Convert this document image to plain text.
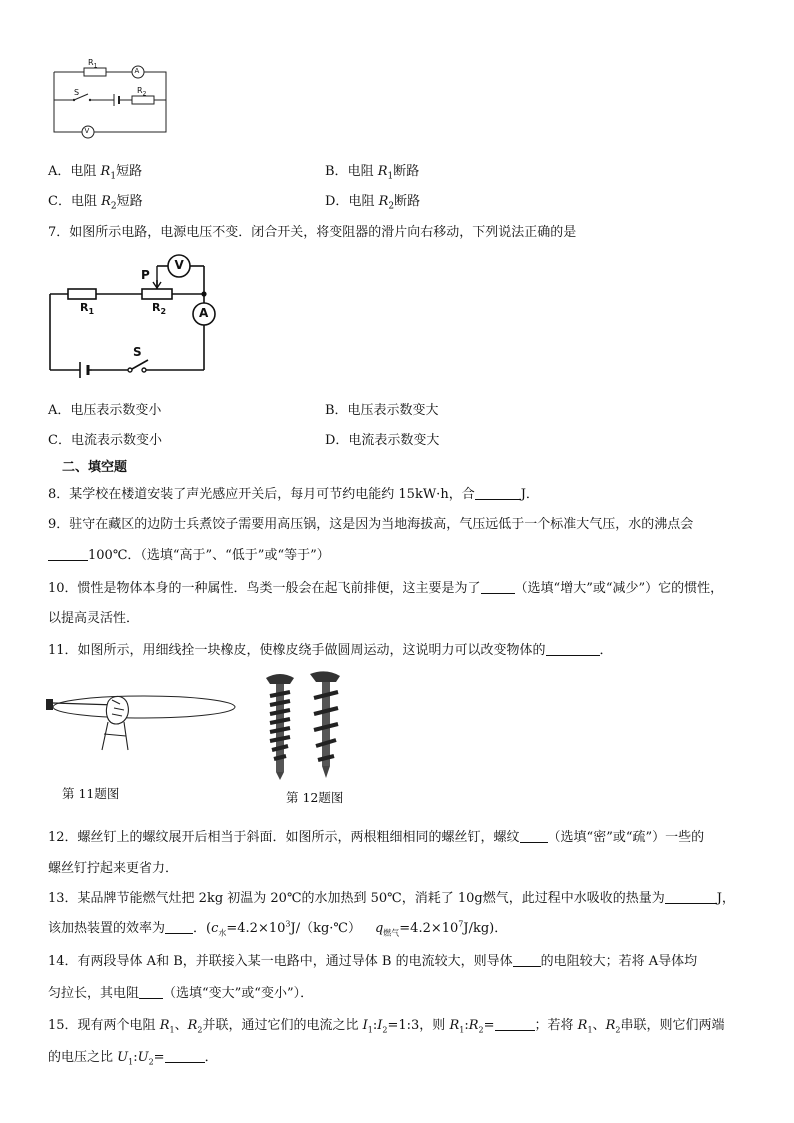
$R_1$
A
S	$R_2$
V
A．电阻 $R_1$短路	B．电阻 $R_1$断路
C．电阻 $R_2$短路	D．电阻 $R_2$断路
7．如图所示电路，电源电压不变．闭合开关，将变阻器的滑片向右移动，下列说法正确的是
P
V
A
$R_1$	$R_2$
S
A．电压表示数变小	B．电压表示数变大
C．电流表示数变小	D．电流表示数变大
二、填空题
8．某学校在楼道安装了声光感应开关后，每月可节约电能约 15kW·h，合	J．
9．驻守在藏区的边防士兵煮饺子需要用高压锅，这是因为当地海拔高，气压远低于一个标准大气压，水的沸点会
100℃．（选填“高于”、“低于”或“等于”）
10．惯性是物体本身的一种属性．鸟类一般会在起飞前排便，这主要是为了	（选填“增大”或“减少”）它的惯性，
以提高灵活性．
11．如图所示，用细线拴一块橡皮，使橡皮绕手做圆周运动，这说明力可以改变物体的	．
第 11题图	第 12题图
12．螺丝钉上的螺纹展开后相当于斜面．如图所示，两根粗细相同的螺丝钉，螺纹 （选填“密”或“疏”）一些的
螺丝钉拧起来更省力．
13．某品牌节能燃气灶把 2kg 初温为 20℃的水加热到 50℃，消耗了 10g燃气，此过程中水吸收的热量为	J，
该加热装置的效率为 ．($c_水=4.2\times 10^3J/(kg\cdot℃)$ $q_{燃气}=4.2\times 10^7J/kg$)．
14．有两段导体 A和 B，并联接入某一电路中，通过导体 B 的电流较大，则导体 的电阻较大；若将 A导体均
匀拉长，其电阻 （选填“变大”或“变小”）．
15．现有两个电阻 $R_1$、$R_2$并联，通过它们的电流之比 $I_1:I_2=1:3$，则 $R_1:R_2=$	；若将 $R_1$、$R_2$串联，则它们两端
的电压之比 $U_1:U_2=$	．
